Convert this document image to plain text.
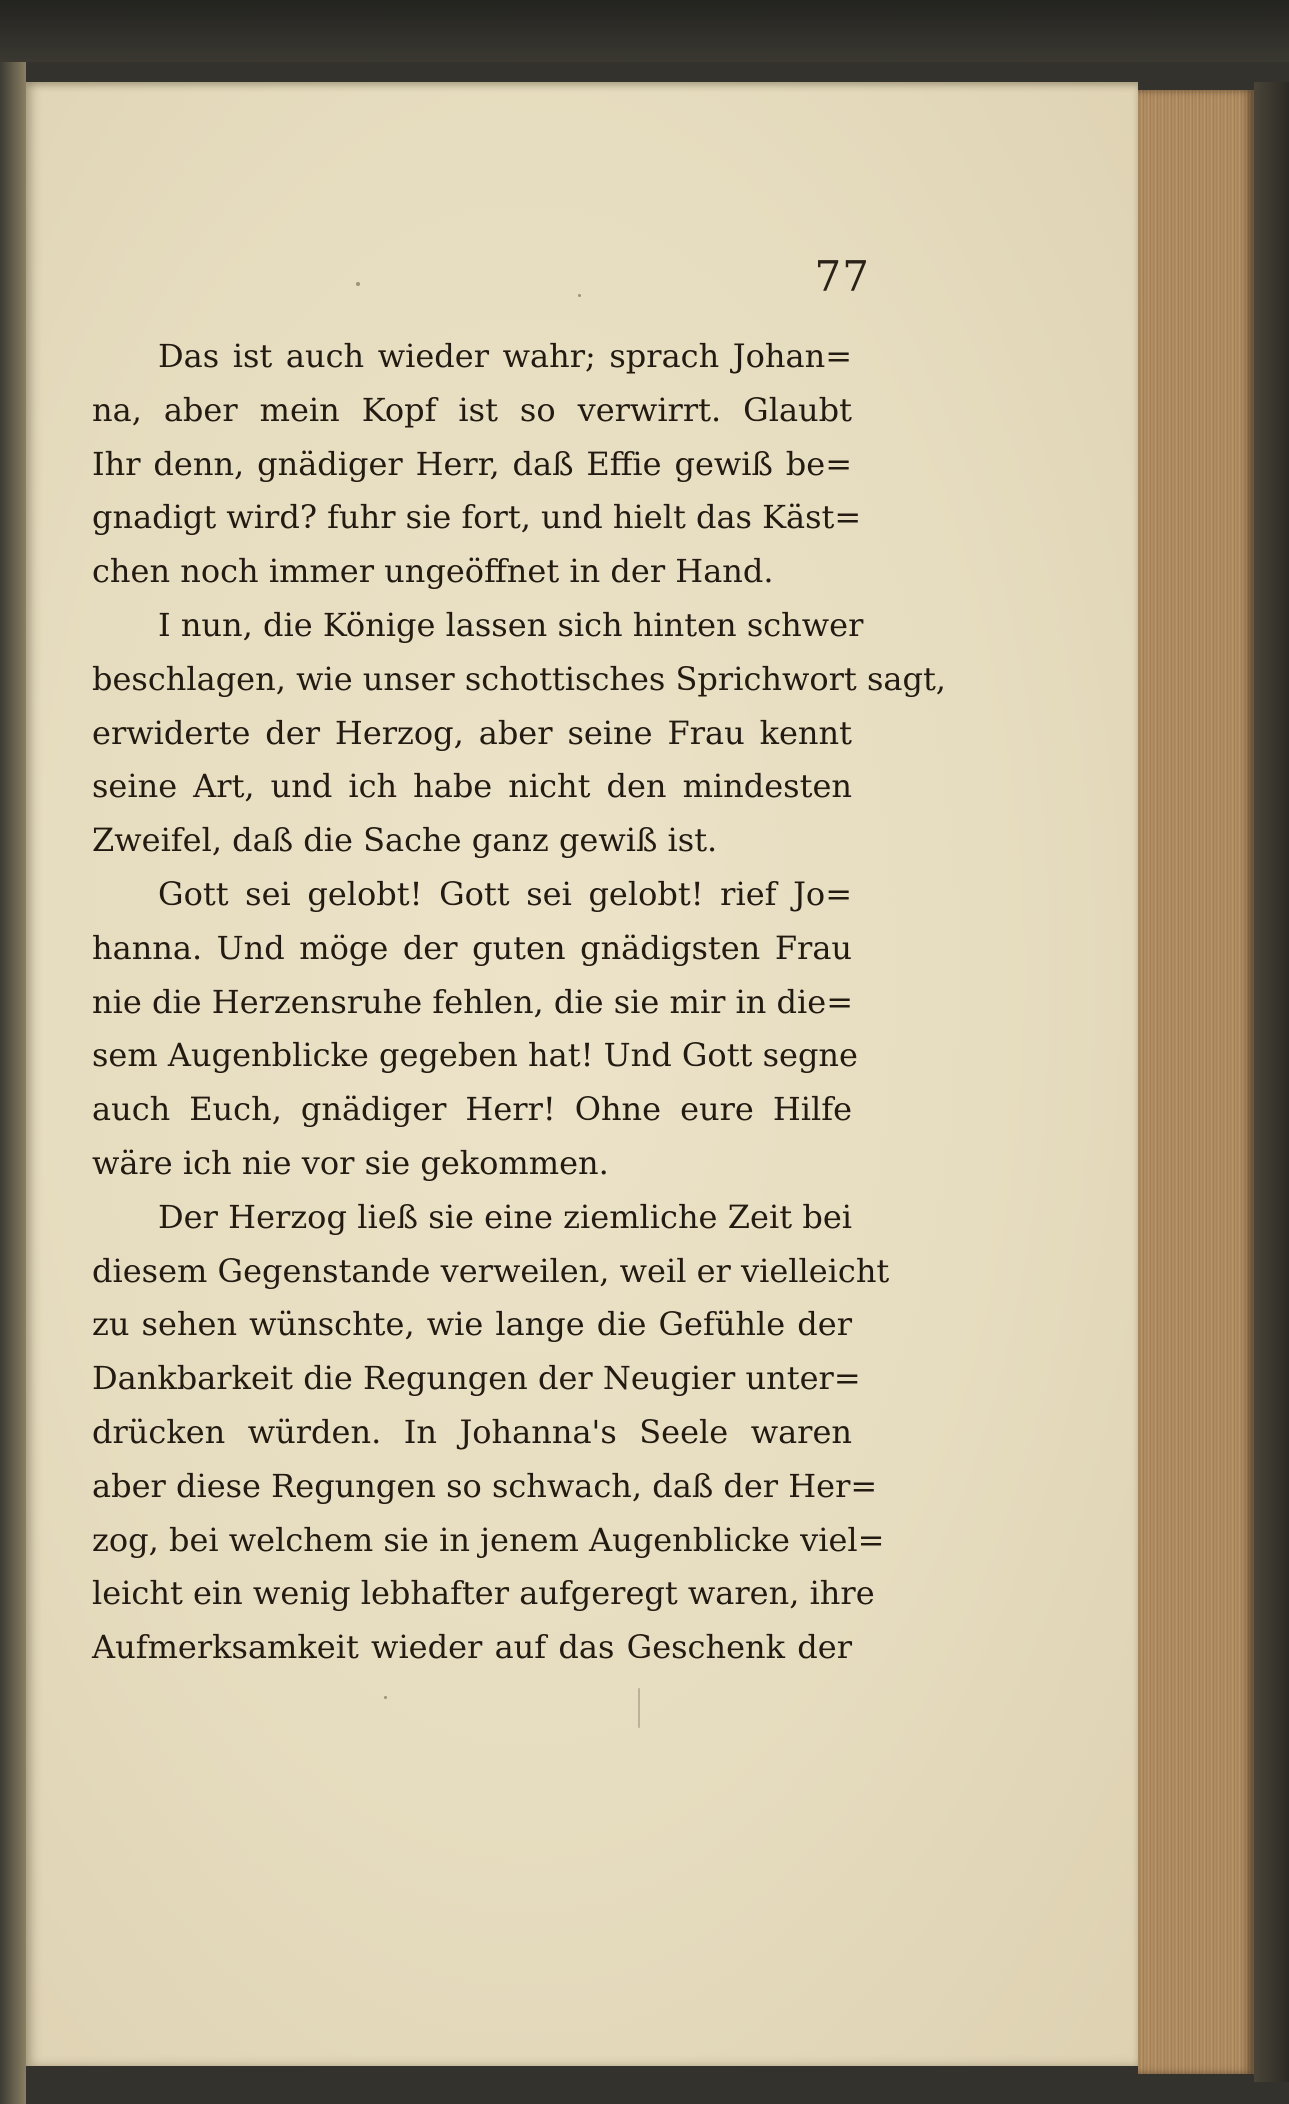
77
Das ist auch wieder wahr; sprach Johan=
na, aber mein Kopf ist so verwirrt. Glaubt
Ihr denn, gnädiger Herr, daß Effie gewiß be=
gnadigt wird? fuhr sie fort, und hielt das Käst=
chen noch immer ungeöffnet in der Hand.
I nun, die Könige lassen sich hinten schwer
beschlagen, wie unser schottisches Sprichwort sagt,
erwiderte der Herzog, aber seine Frau kennt
seine Art, und ich habe nicht den mindesten
Zweifel, daß die Sache ganz gewiß ist.
Gott sei gelobt! Gott sei gelobt! rief Jo=
hanna. Und möge der guten gnädigsten Frau
nie die Herzensruhe fehlen, die sie mir in die=
sem Augenblicke gegeben hat! Und Gott segne
auch Euch, gnädiger Herr! Ohne eure Hilfe
wäre ich nie vor sie gekommen.
Der Herzog ließ sie eine ziemliche Zeit bei
diesem Gegenstande verweilen, weil er vielleicht
zu sehen wünschte, wie lange die Gefühle der
Dankbarkeit die Regungen der Neugier unter=
drücken würden. In Johanna's Seele waren
aber diese Regungen so schwach, daß der Her=
zog, bei welchem sie in jenem Augenblicke viel=
leicht ein wenig lebhafter aufgeregt waren, ihre
Aufmerksamkeit wieder auf das Geschenk der
